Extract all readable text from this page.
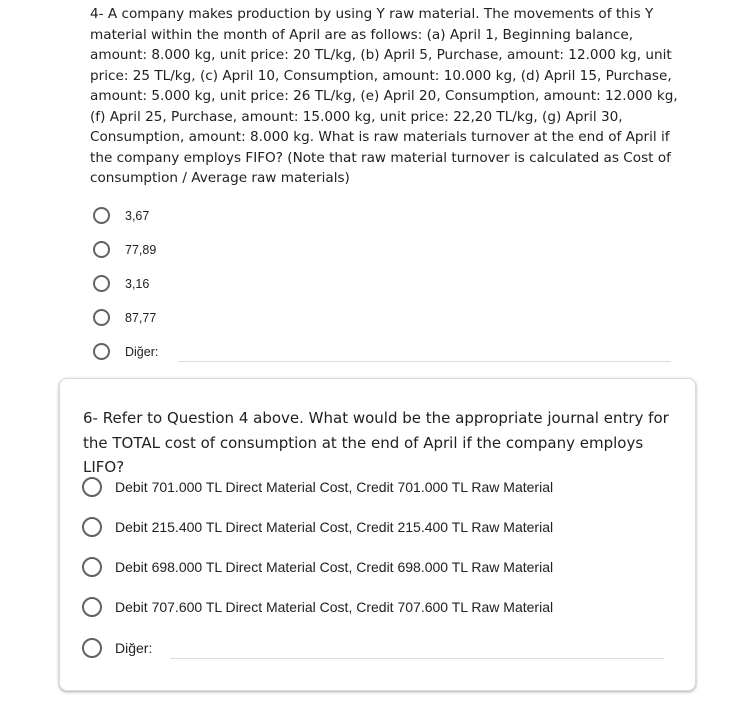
4- A company makes production by using Y raw material. The movements of this Y material within the month of April are as follows: (a) April 1, Beginning balance, amount: 8.000 kg, unit price: 20 TL/kg, (b) April 5, Purchase, amount: 12.000 kg, unit price: 25 TL/kg, (c) April 10, Consumption, amount: 10.000 kg, (d) April 15, Purchase, amount: 5.000 kg, unit price: 26 TL/kg, (e) April 20, Consumption, amount: 12.000 kg, (f) April 25, Purchase, amount: 15.000 kg, unit price: 22,20 TL/kg, (g) April 30, Consumption, amount: 8.000 kg. What is raw materials turnover at the end of April if the company employs FIFO? (Note that raw material turnover is calculated as Cost of consumption / Average raw materials)
3,67
77,89
3,16
87,77
Diğer:
6- Refer to Question 4 above. What would be the appropriate journal entry for the TOTAL cost of consumption at the end of April if the company employs LIFO?
Debit 701.000 TL Direct Material Cost, Credit 701.000 TL Raw Material
Debit 215.400 TL Direct Material Cost, Credit 215.400 TL Raw Material
Debit 698.000 TL Direct Material Cost, Credit 698.000 TL Raw Material
Debit 707.600 TL Direct Material Cost, Credit 707.600 TL Raw Material
Diğer:
